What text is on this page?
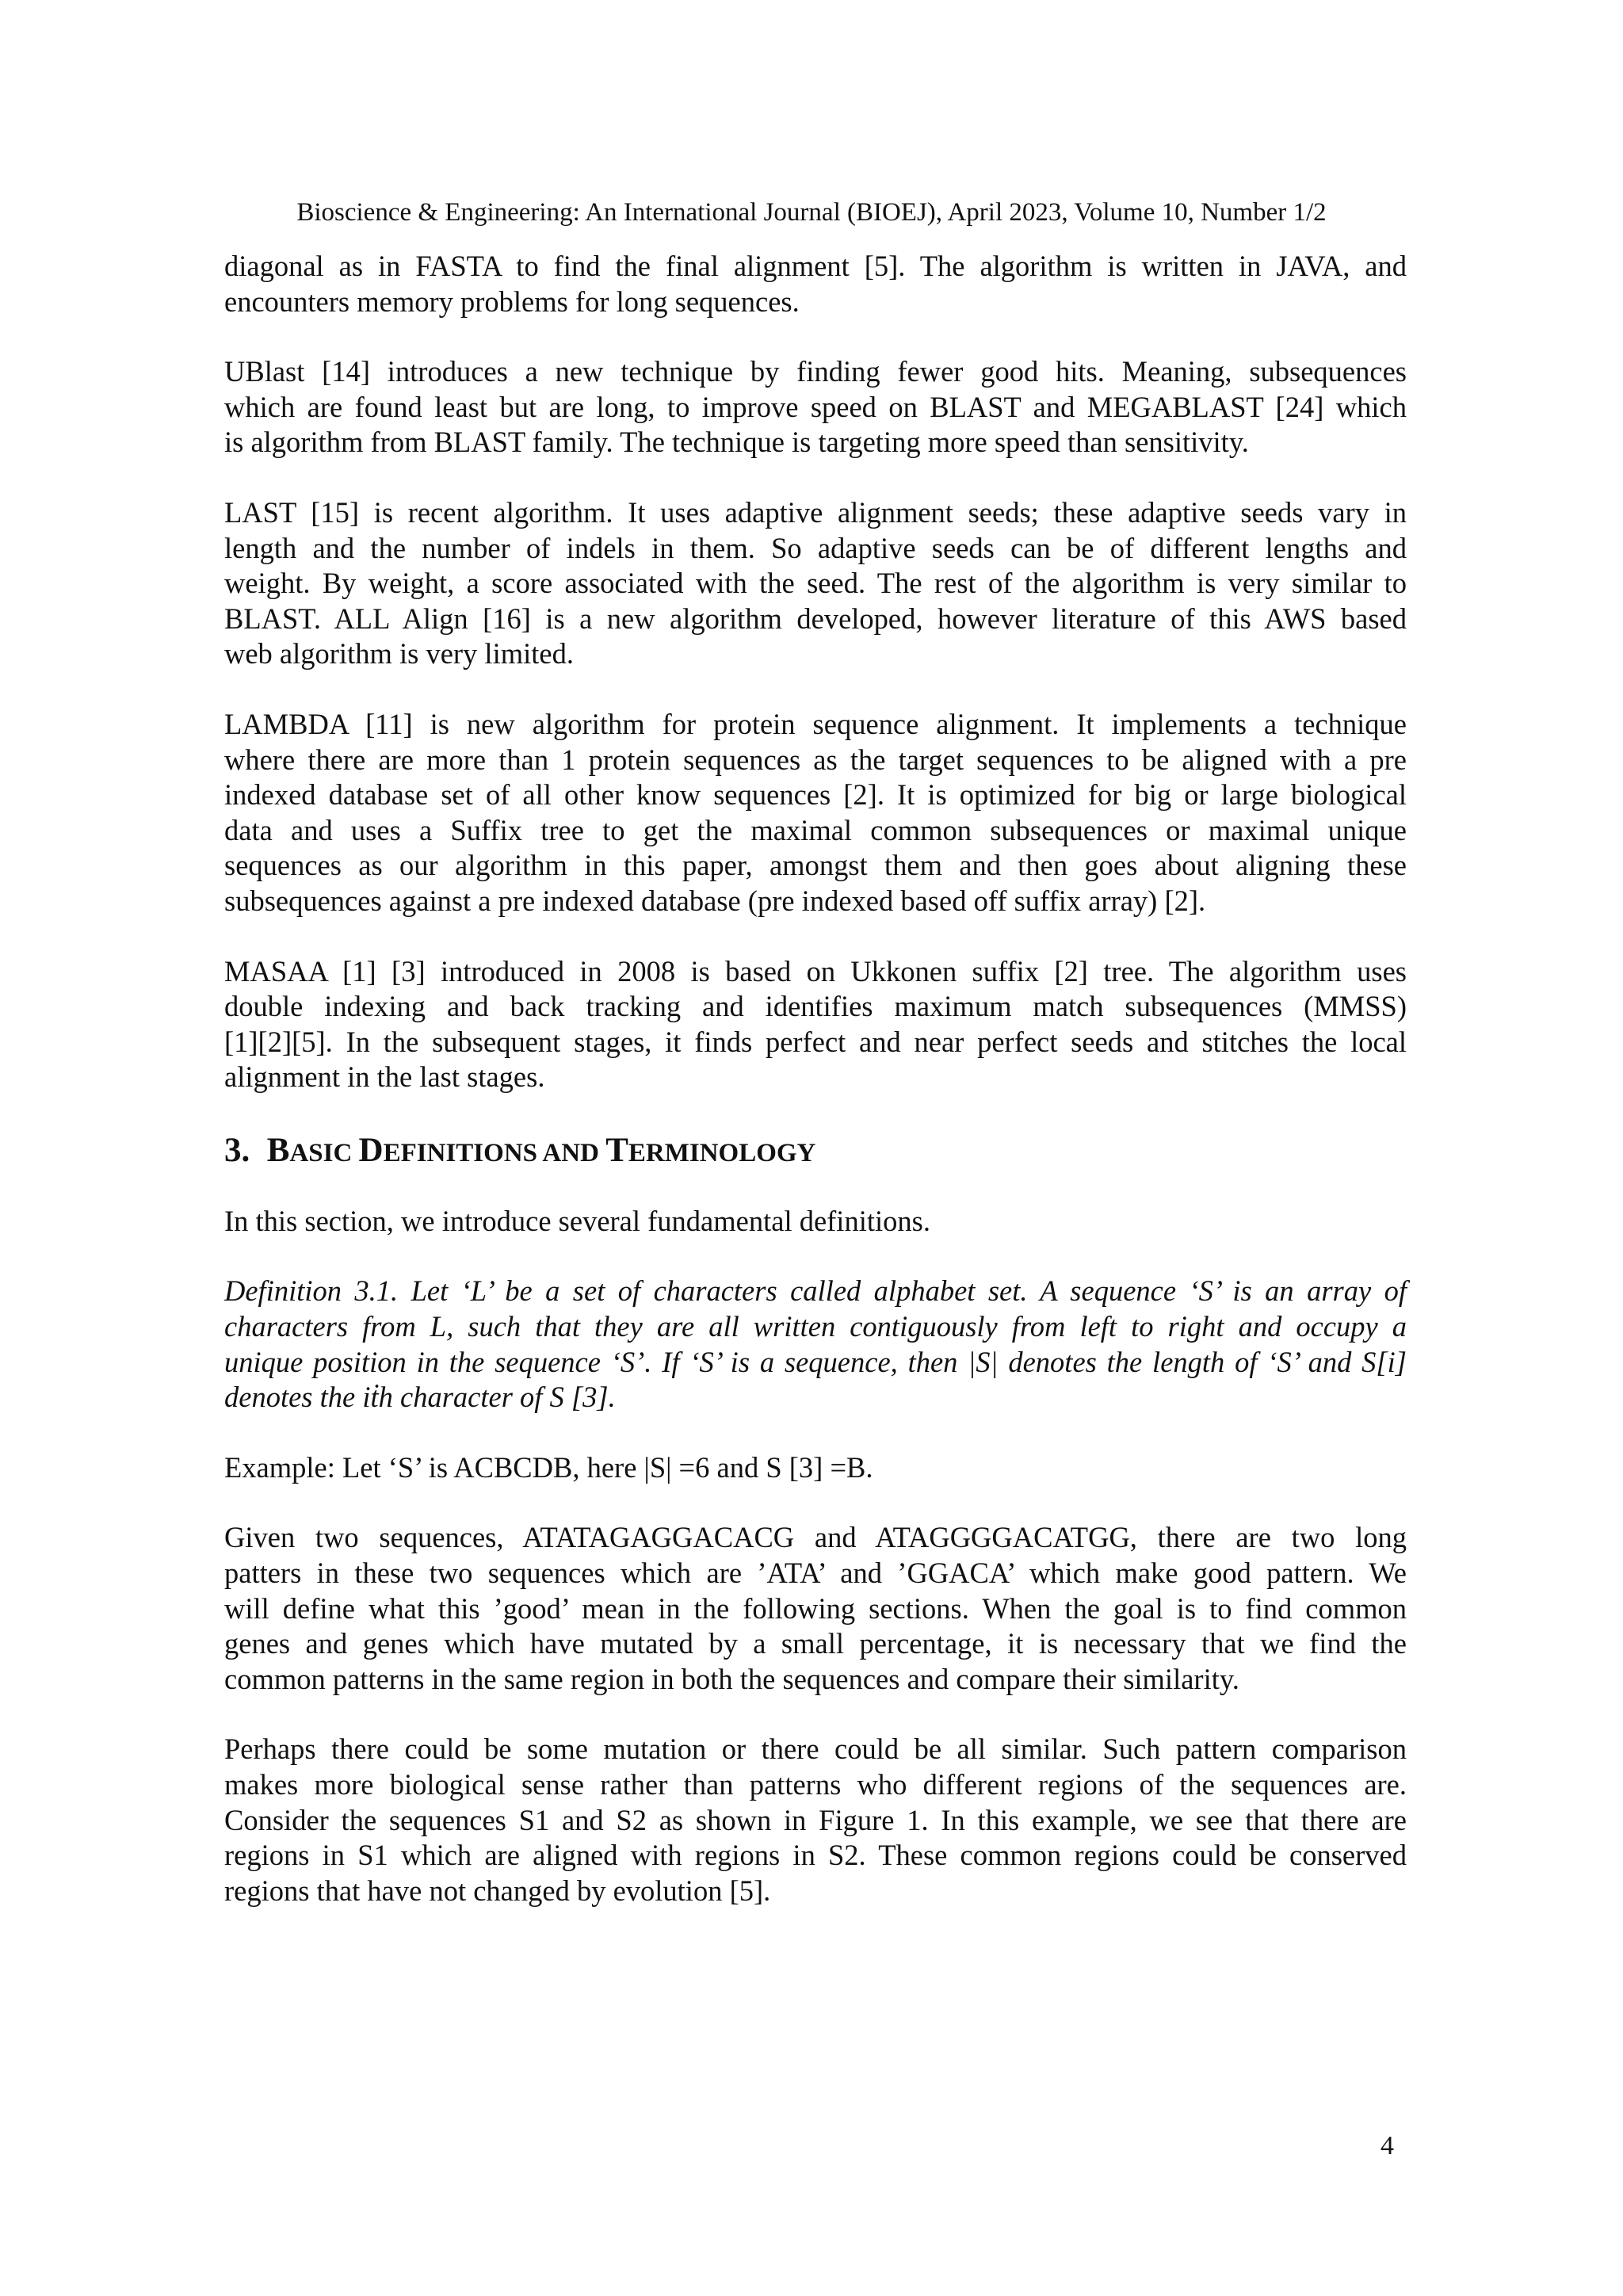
Bioscience & Engineering: An International Journal (BIOEJ), April 2023, Volume 10, Number 1/2

diagonal as in FASTA to find the final alignment [5]. The algorithm is written in JAVA, and
encounters memory problems for long sequences.

UBlast [14] introduces a new technique by finding fewer good hits. Meaning, subsequences
which are found least but are long, to improve speed on BLAST and MEGABLAST [24] which
is algorithm from BLAST family. The technique is targeting more speed than sensitivity.

LAST [15] is recent algorithm. It uses adaptive alignment seeds; these adaptive seeds vary in
length and the number of indels in them. So adaptive seeds can be of different lengths and
weight. By weight, a score associated with the seed. The rest of the algorithm is very similar to
BLAST. ALL Align [16] is a new algorithm developed, however literature of this AWS based
web algorithm is very limited.

LAMBDA [11] is new algorithm for protein sequence alignment. It implements a technique
where there are more than 1 protein sequences as the target sequences to be aligned with a pre
indexed database set of all other know sequences [2]. It is optimized for big or large biological
data and uses a Suffix tree to get the maximal common subsequences or maximal unique
sequences as our algorithm in this paper, amongst them and then goes about aligning these
subsequences against a pre indexed database (pre indexed based off suffix array) [2].

MASAA [1] [3] introduced in 2008 is based on Ukkonen suffix [2] tree. The algorithm uses
double indexing and back tracking and identifies maximum match subsequences (MMSS)
[1][2][5]. In the subsequent stages, it finds perfect and near perfect seeds and stitches the local
alignment in the last stages.

3. BASIC DEFINITIONS AND TERMINOLOGY

In this section, we introduce several fundamental definitions.

Definition 3.1. Let ‘L’ be a set of characters called alphabet set. A sequence ‘S’ is an array of
characters from L, such that they are all written contiguously from left to right and occupy a
unique position in the sequence ‘S’. If ‘S’ is a sequence, then |S| denotes the length of ‘S’ and S[i]
denotes the iṫh character of S [3].

Example: Let ‘S’ is ACBCDB, here |S| =6 and S [3] =B.

Given two sequences, ATATAGAGGACACG and ATAGGGGACATGG, there are two long
patters in these two sequences which are ’ATA’ and ’GGACA’ which make good pattern. We
will define what this ’good’ mean in the following sections. When the goal is to find common
genes and genes which have mutated by a small percentage, it is necessary that we find the
common patterns in the same region in both the sequences and compare their similarity.

Perhaps there could be some mutation or there could be all similar. Such pattern comparison
makes more biological sense rather than patterns who different regions of the sequences are.
Consider the sequences S1 and S2 as shown in Figure 1. In this example, we see that there are
regions in S1 which are aligned with regions in S2. These common regions could be conserved
regions that have not changed by evolution [5].

4
